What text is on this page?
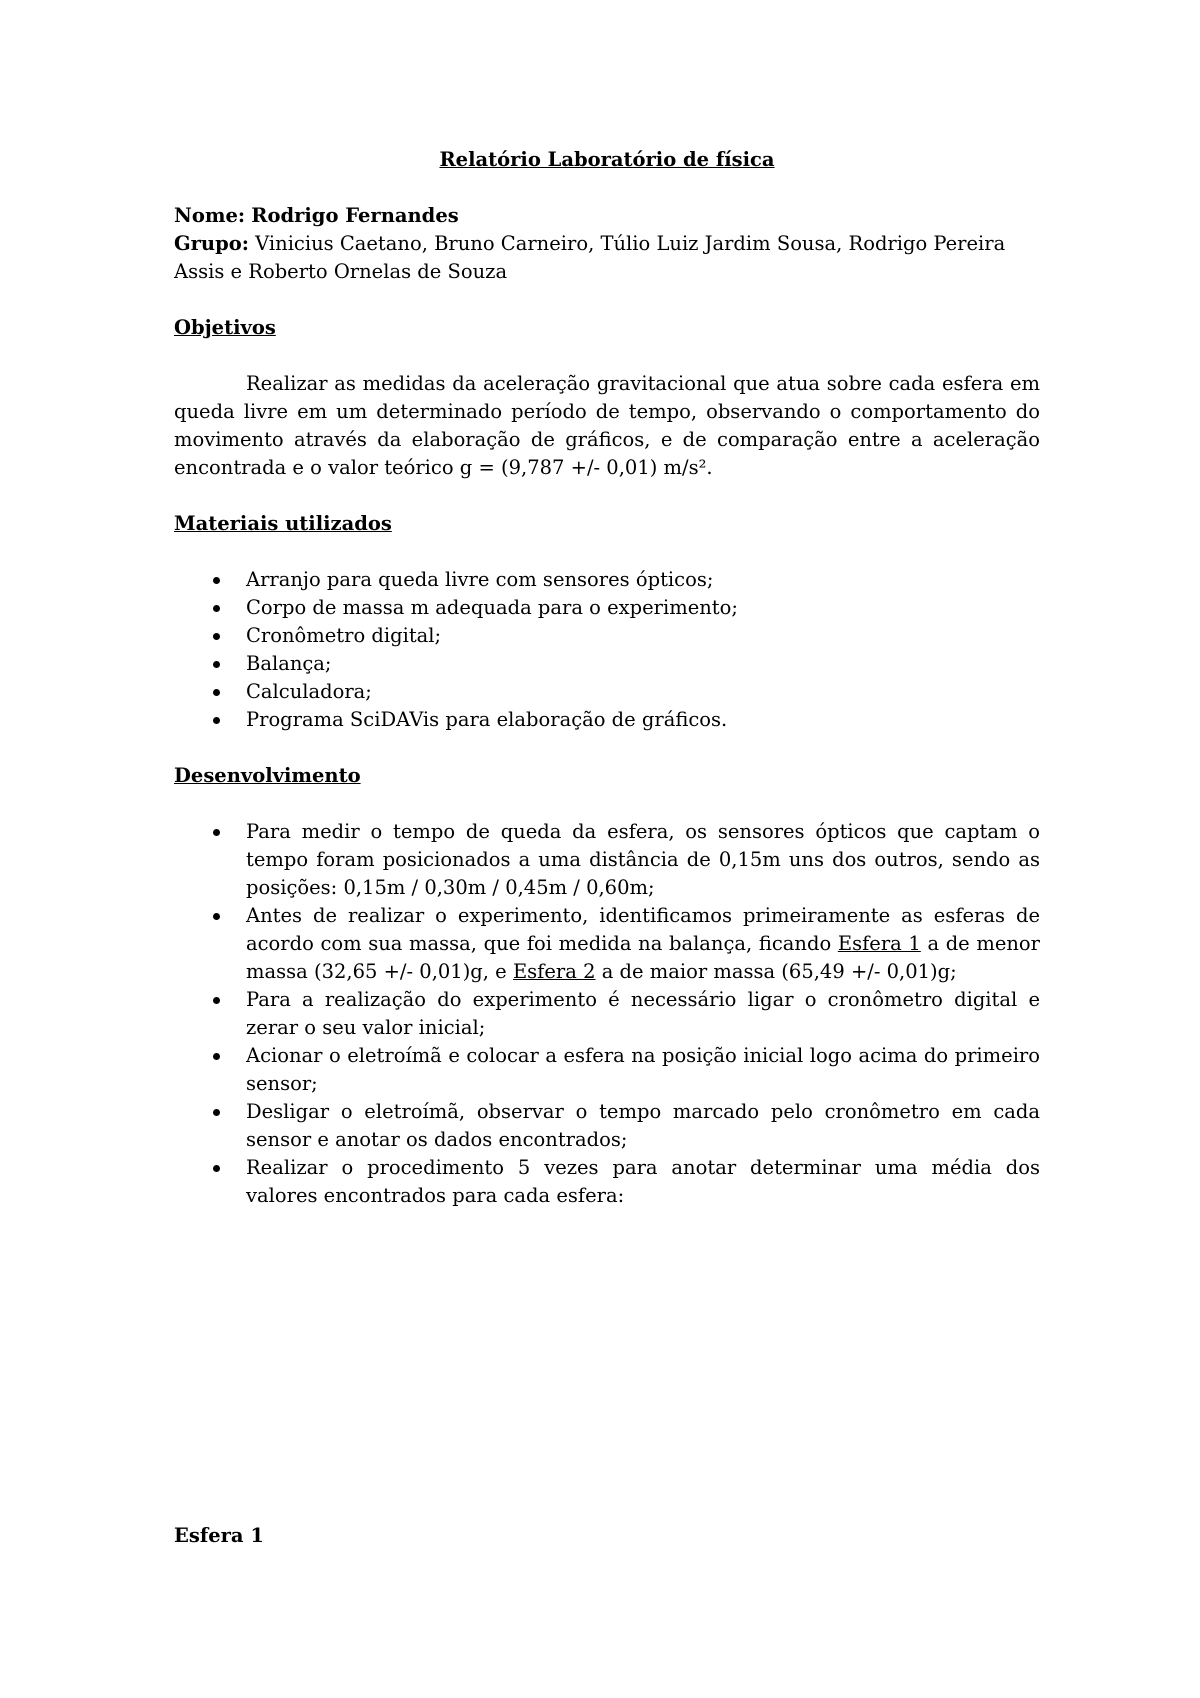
Relatório Laboratório de física

Nome: Rodrigo Fernandes

Grupo: Vinicius Caetano, Bruno Carneiro, Túlio Luiz Jardim Sousa, Rodrigo Pereira Assis e Roberto Ornelas de Souza

Objetivos

Realizar as medidas da aceleração gravitacional que atua sobre cada esfera em queda livre em um determinado período de tempo, observando o comportamento do movimento através da elaboração de gráficos, e de comparação entre a aceleração encontrada e o valor teórico g = (9,787 +/- 0,01) m/s².

Materiais utilizados

Arranjo para queda livre com sensores ópticos;
Corpo de massa m adequada para o experimento;
Cronômetro digital;
Balança;
Calculadora;
Programa SciDAVis para elaboração de gráficos.

Desenvolvimento

Para medir o tempo de queda da esfera, os sensores ópticos que captam o tempo foram posicionados a uma distância de 0,15m uns dos outros, sendo as posições: 0,15m / 0,30m / 0,45m / 0,60m;
Antes de realizar o experimento, identificamos primeiramente as esferas de acordo com sua massa, que foi medida na balança, ficando Esfera 1 a de menor massa (32,65 +/- 0,01)g, e Esfera 2 a de maior massa (65,49 +/- 0,01)g;
Para a realização do experimento é necessário ligar o cronômetro digital e zerar o seu valor inicial;
Acionar o eletroímã e colocar a esfera na posição inicial logo acima do primeiro sensor;
Desligar o eletroímã, observar o tempo marcado pelo cronômetro em cada sensor e anotar os dados encontrados;
Realizar o procedimento 5 vezes para anotar determinar uma média dos valores encontrados para cada esfera:
Esfera 1
